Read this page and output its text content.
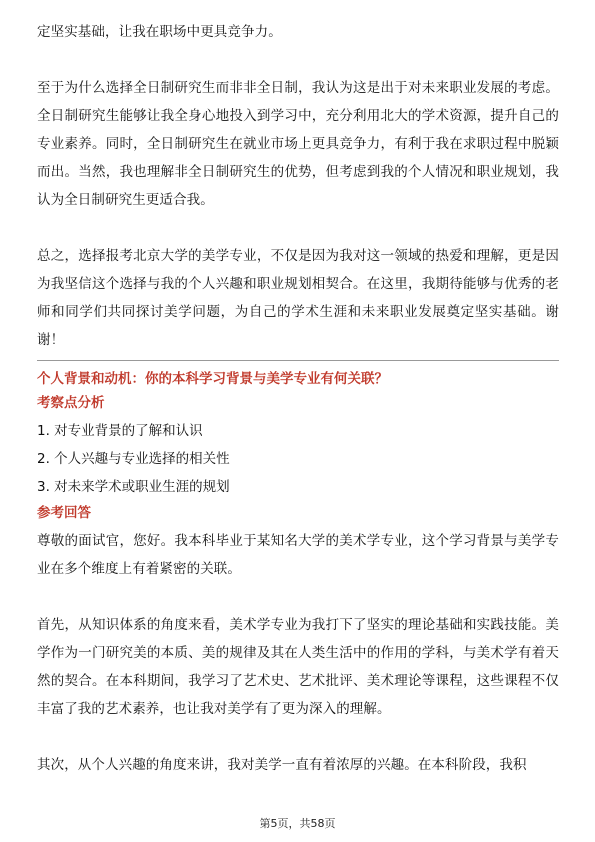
定坚实基础，让我在职场中更具竞争力。

至于为什么选择全日制研究生而非非全日制，我认为这是出于对未来职业发展的考虑。全日制研究生能够让我全身心地投入到学习中，充分利用北大的学术资源，提升自己的专业素养。同时，全日制研究生在就业市场上更具竞争力，有利于我在求职过程中脱颖而出。当然，我也理解非全日制研究生的优势，但考虑到我的个人情况和职业规划，我认为全日制研究生更适合我。

总之，选择报考北京大学的美学专业，不仅是因为我对这一领域的热爱和理解，更是因为我坚信这个选择与我的个人兴趣和职业规划相契合。在这里，我期待能够与优秀的老师和同学们共同探讨美学问题，为自己的学术生涯和未来职业发展奠定坚实基础。谢谢！

个人背景和动机：你的本科学习背景与美学专业有何关联？

考察点分析

1. 对专业背景的了解和认识

2. 个人兴趣与专业选择的相关性

3. 对未来学术或职业生涯的规划

参考回答

尊敬的面试官，您好。我本科毕业于某知名大学的美术学专业，这个学习背景与美学专业在多个维度上有着紧密的关联。

首先，从知识体系的角度来看，美术学专业为我打下了坚实的理论基础和实践技能。美学作为一门研究美的本质、美的规律及其在人类生活中的作用的学科，与美术学有着天然的契合。在本科期间，我学习了艺术史、艺术批评、美术理论等课程，这些课程不仅丰富了我的艺术素养，也让我对美学有了更为深入的理解。

其次，从个人兴趣的角度来讲，我对美学一直有着浓厚的兴趣。在本科阶段，我积

第5页，共58页
